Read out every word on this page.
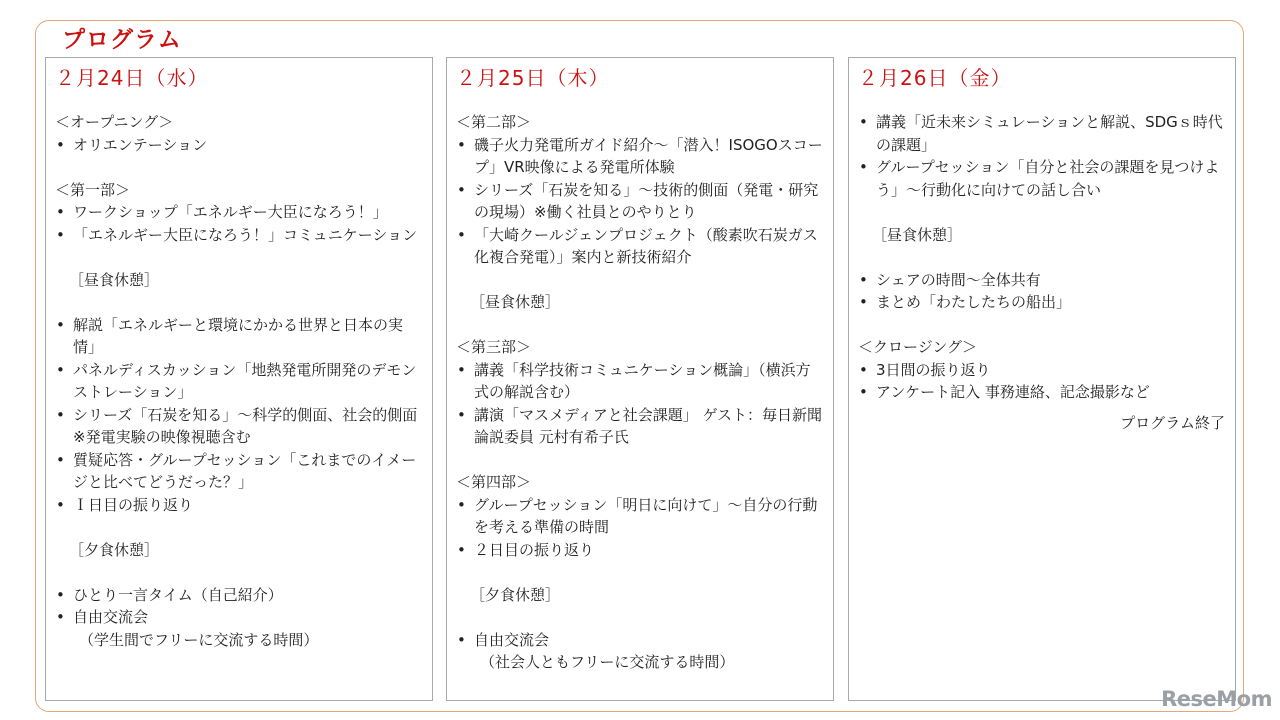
プログラム
２月24日（水）
＜オープニング＞
• オリエンテーション
＜第一部＞
• ワークショップ「エネルギー大臣になろう！」
• 「エネルギー大臣になろう！」コミュニケーション
［昼食休憩］
• 解説「エネルギーと環境にかかる世界と日本の実情」
• パネルディスカッション「地熱発電所開発のデモンストレーション」
• シリーズ「石炭を知る」～科学的側面、社会的側面　※発電実験の映像視聴含む
• 質疑応答・グループセッション「これまでのイメージと比べてどうだった？」
• Ｉ日目の振り返り
［夕食休憩］
• ひとり一言タイム（自己紹介）
• 自由交流会
（学生間でフリーに交流する時間）
２月25日（木）
＜第二部＞
• 磯子火力発電所ガイド紹介～「潜入！ISOGOスコープ」VR映像による発電所体験
• シリーズ「石炭を知る」～技術的側面（発電・研究の現場）※働く社員とのやりとり
• 「大崎クールジェンプロジェクト（酸素吹石炭ガス化複合発電）」案内と新技術紹介
［昼食休憩］
＜第三部＞
• 講義「科学技術コミュニケーション概論」（横浜方式の解説含む）
• 講演「マスメディアと社会課題」 ゲスト：毎日新聞論説委員 元村有希子氏
＜第四部＞
• グループセッション「明日に向けて」～自分の行動を考える準備の時間
• ２日目の振り返り
［夕食休憩］
• 自由交流会
（社会人ともフリーに交流する時間）
２月26日（金）
• 講義「近未来シミュレーションと解説、SDGｓ時代の課題」
• グループセッション「自分と社会の課題を見つけよう」～行動化に向けての話し合い
［昼食休憩］
• シェアの時間～全体共有
• まとめ「わたしたちの船出」
＜クロージング＞
• 3日間の振り返り
• アンケート記入 事務連絡、記念撮影など
プログラム終了
ReseMom
